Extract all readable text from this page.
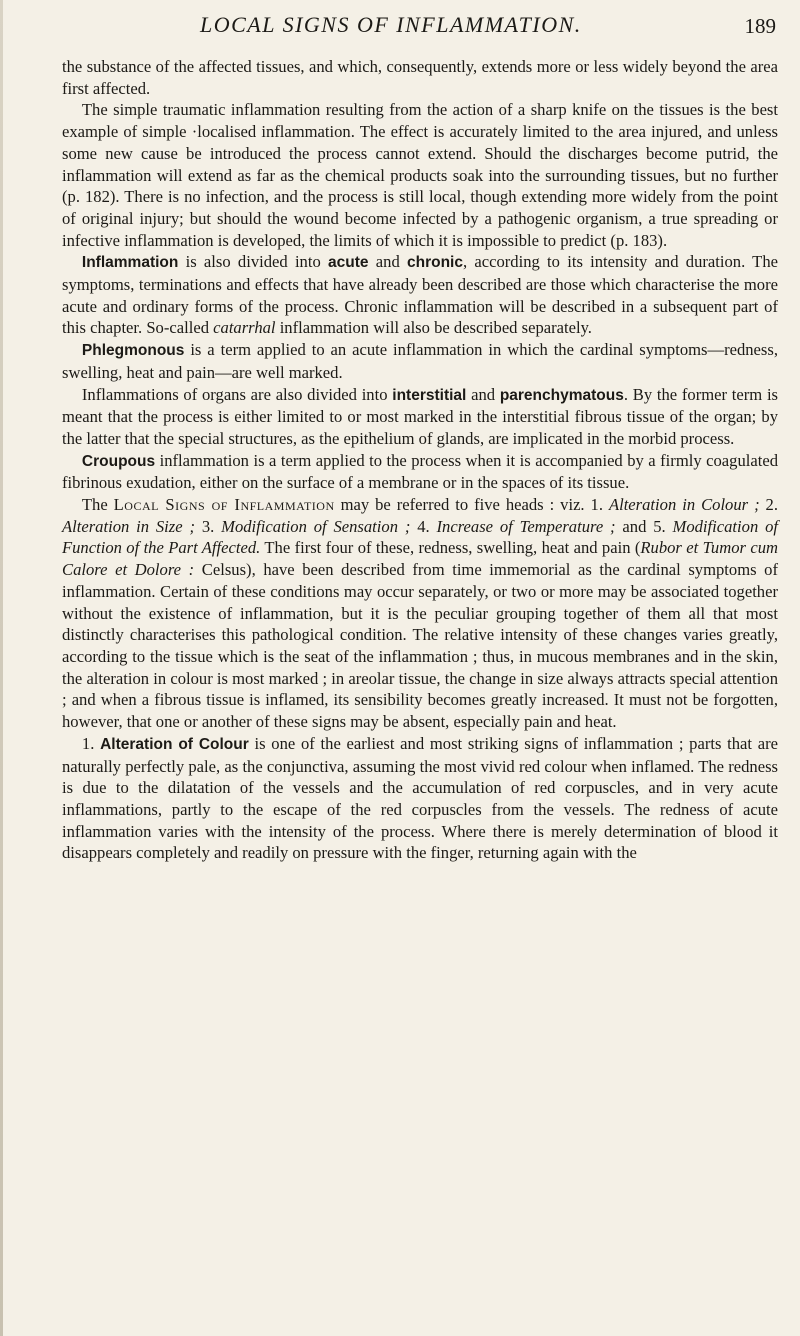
LOCAL SIGNS OF INFLAMMATION.	189

the substance of the affected tissues, and which, consequently, extends more or less widely beyond the area first affected.

The simple traumatic inflammation resulting from the action of a sharp knife on the tissues is the best example of simple ·localised inflammation. The effect is accurately limited to the area injured, and unless some new cause be introduced the process cannot extend. Should the discharges become putrid, the inflammation will extend as far as the chemical products soak into the surrounding tissues, but no further (p. 182). There is no infection, and the process is still local, though extending more widely from the point of original injury; but should the wound become infected by a pathogenic organism, a true spreading or infective inflammation is developed, the limits of which it is impossible to predict (p. 183).

Inflammation is also divided into acute and chronic, according to its intensity and duration. The symptoms, terminations and effects that have already been described are those which characterise the more acute and ordinary forms of the process. Chronic inflammation will be described in a subsequent part of this chapter. So-called catarrhal inflammation will also be described separately.

Phlegmonous is a term applied to an acute inflammation in which the cardinal symptoms—redness, swelling, heat and pain—are well marked.

Inflammations of organs are also divided into interstitial and parenchymatous. By the former term is meant that the process is either limited to or most marked in the interstitial fibrous tissue of the organ; by the latter that the special structures, as the epithelium of glands, are implicated in the morbid process.

Croupous inflammation is a term applied to the process when it is accompanied by a firmly coagulated fibrinous exudation, either on the surface of a membrane or in the spaces of its tissue.

The Local Signs of Inflammation may be referred to five heads : viz. 1. Alteration in Colour ; 2. Alteration in Size ; 3. Modification of Sensation ; 4. Increase of Temperature ; and 5. Modification of Function of the Part Affected. The first four of these, redness, swelling, heat and pain (Rubor et Tumor cum Calore et Dolore : Celsus), have been described from time immemorial as the cardinal symptoms of inflammation. Certain of these conditions may occur separately, or two or more may be associated together without the existence of inflammation, but it is the peculiar grouping together of them all that most distinctly characterises this pathological condition. The relative intensity of these changes varies greatly, according to the tissue which is the seat of the inflammation ; thus, in mucous membranes and in the skin, the alteration in colour is most marked ; in areolar tissue, the change in size always attracts special attention ; and when a fibrous tissue is inflamed, its sensibility becomes greatly increased. It must not be forgotten, however, that one or another of these signs may be absent, especially pain and heat.

1. Alteration of Colour is one of the earliest and most striking signs of inflammation ; parts that are naturally perfectly pale, as the conjunctiva, assuming the most vivid red colour when inflamed. The redness is due to the dilatation of the vessels and the accumulation of red corpuscles, and in very acute inflammations, partly to the escape of the red corpuscles from the vessels. The redness of acute inflammation varies with the intensity of the process. Where there is merely determination of blood it disappears completely and readily on pressure with the finger, returning again with the
